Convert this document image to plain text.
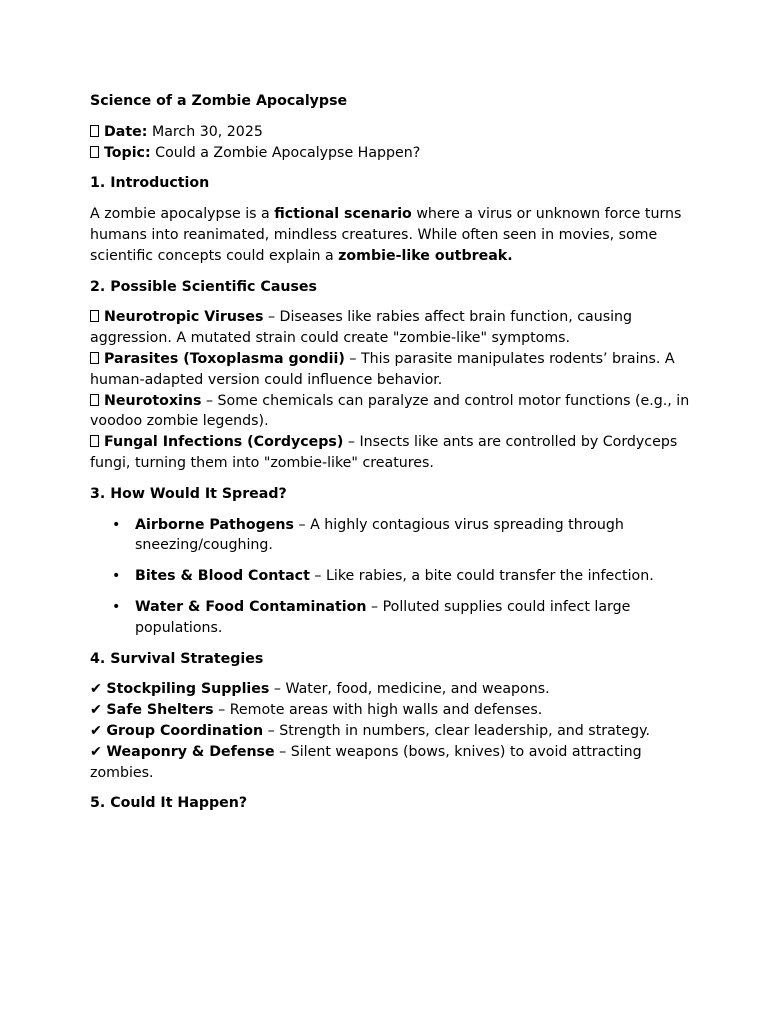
Science of a Zombie Apocalypse
Date: March 30, 2025
Topic: Could a Zombie Apocalypse Happen?
1. Introduction
A zombie apocalypse is a fictional scenario where a virus or unknown force turns humans into reanimated, mindless creatures. While often seen in movies, some scientific concepts could explain a zombie-like outbreak.
2. Possible Scientific Causes
Neurotropic Viruses – Diseases like rabies affect brain function, causing aggression. A mutated strain could create "zombie-like" symptoms.
Parasites (Toxoplasma gondii) – This parasite manipulates rodents’ brains. A human-adapted version could influence behavior.
Neurotoxins – Some chemicals can paralyze and control motor functions (e.g., in voodoo zombie legends).
Fungal Infections (Cordyceps) – Insects like ants are controlled by Cordyceps fungi, turning them into "zombie-like" creatures.
3. How Would It Spread?
• Airborne Pathogens – A highly contagious virus spreading through sneezing/coughing.
• Bites & Blood Contact – Like rabies, a bite could transfer the infection.
• Water & Food Contamination – Polluted supplies could infect large populations.
4. Survival Strategies
✔ Stockpiling Supplies – Water, food, medicine, and weapons.
✔ Safe Shelters – Remote areas with high walls and defenses.
✔ Group Coordination – Strength in numbers, clear leadership, and strategy.
✔ Weaponry & Defense – Silent weapons (bows, knives) to avoid attracting zombies.
5. Could It Happen?
